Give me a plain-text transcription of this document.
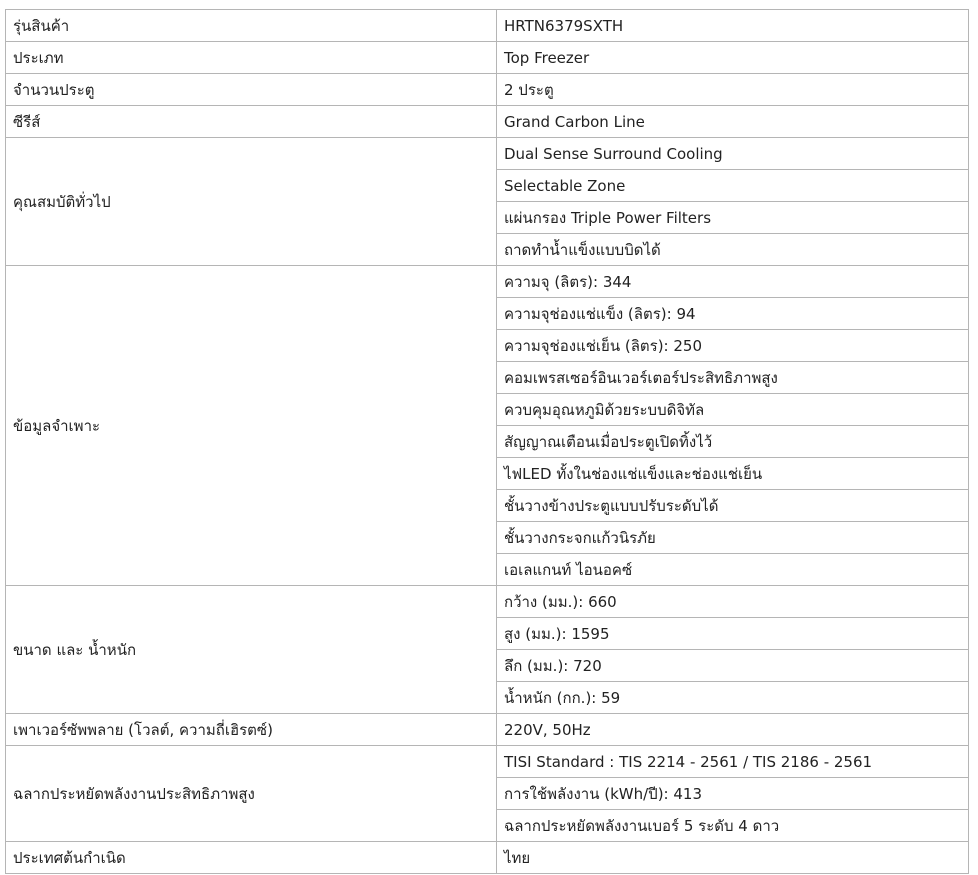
รุ่นสินค้า	HRTN6379SXTH
ประเภท	Top Freezer
จำนวนประตู	2 ประตู
ซีรีส์	Grand Carbon Line
คุณสมบัติทั่วไป	Dual Sense Surround Cooling
	Selectable Zone
	แผ่นกรอง Triple Power Filters
	ถาดทำน้ำแข็งแบบบิดได้
ข้อมูลจำเพาะ	ความจุ (ลิตร): 344
	ความจุช่องแช่แข็ง (ลิตร): 94
	ความจุช่องแช่เย็น (ลิตร): 250
	คอมเพรสเซอร์อินเวอร์เตอร์ประสิทธิภาพสูง
	ควบคุมอุณหภูมิด้วยระบบดิจิทัล
	สัญญาณเตือนเมื่อประตูเปิดทิ้งไว้
	ไฟLED ทั้งในช่องแช่แข็งและช่องแช่เย็น
	ชั้นวางข้างประตูแบบปรับระดับได้
	ชั้นวางกระจกแก้วนิรภัย
	เอเลแกนท์ ไอนอคซ์
ขนาด และ น้ำหนัก	กว้าง (มม.): 660
	สูง (มม.): 1595
	ลึก (มม.): 720
	น้ำหนัก (กก.): 59
เพาเวอร์ซัพพลาย (โวลต์, ความถี่เฮิรตซ์)	220V, 50Hz
ฉลากประหยัดพลังงานประสิทธิภาพสูง	TISI Standard : TIS 2214 - 2561 / TIS 2186 - 2561
	การใช้พลังงาน (kWh/ปี): 413
	ฉลากประหยัดพลังงานเบอร์ 5 ระดับ 4 ดาว
ประเทศต้นกำเนิด	ไทย
